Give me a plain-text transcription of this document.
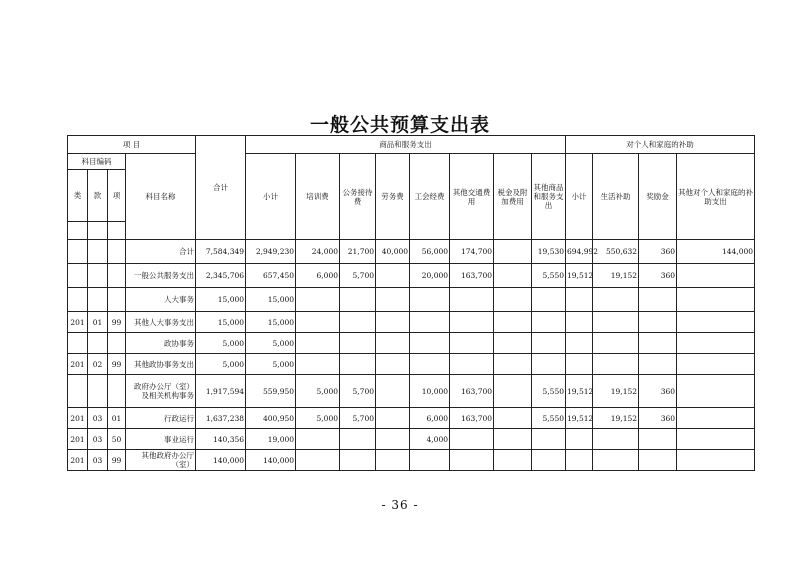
一般公共预算支出表
项 目				合计	商品和服务支出								对个人和家庭的补助			
科目编码			科目名称		小计	培训费	公务接待费	劳务费	工会经费	其他交通费用	税金及附加费用	其他商品和服务支出	小计	生活补助	奖励金	其他对个人和家庭的补助支出
类	款	项														

			合计	7,584,349	2,949,230	24,000	21,700	40,000	56,000	174,700		19,530	694,992	550,632	360	144,000
			一般公共服务支出	2,345,706	657,450	6,000	5,700		20,000	163,700		5,550	19,512	19,152	360	
			人大事务	15,000	15,000											
201	01	99	其他人大事务支出	15,000	15,000											
			政协事务	5,000	5,000											
201	02	99	其他政协事务支出	5,000	5,000											
			政府办公厅（室）及相关机构事务	1,917,594	559,950	5,000	5,700		10,000	163,700		5,550	19,512	19,152	360	
201	03	01	行政运行	1,637,238	400,950	5,000	5,700		6,000	163,700		5,550	19,512	19,152	360	
201	03	50	事业运行	140,356	19,000				4,000							
201	03	99	其他政府办公厅（室）	140,000	140,000											
- 36 -
